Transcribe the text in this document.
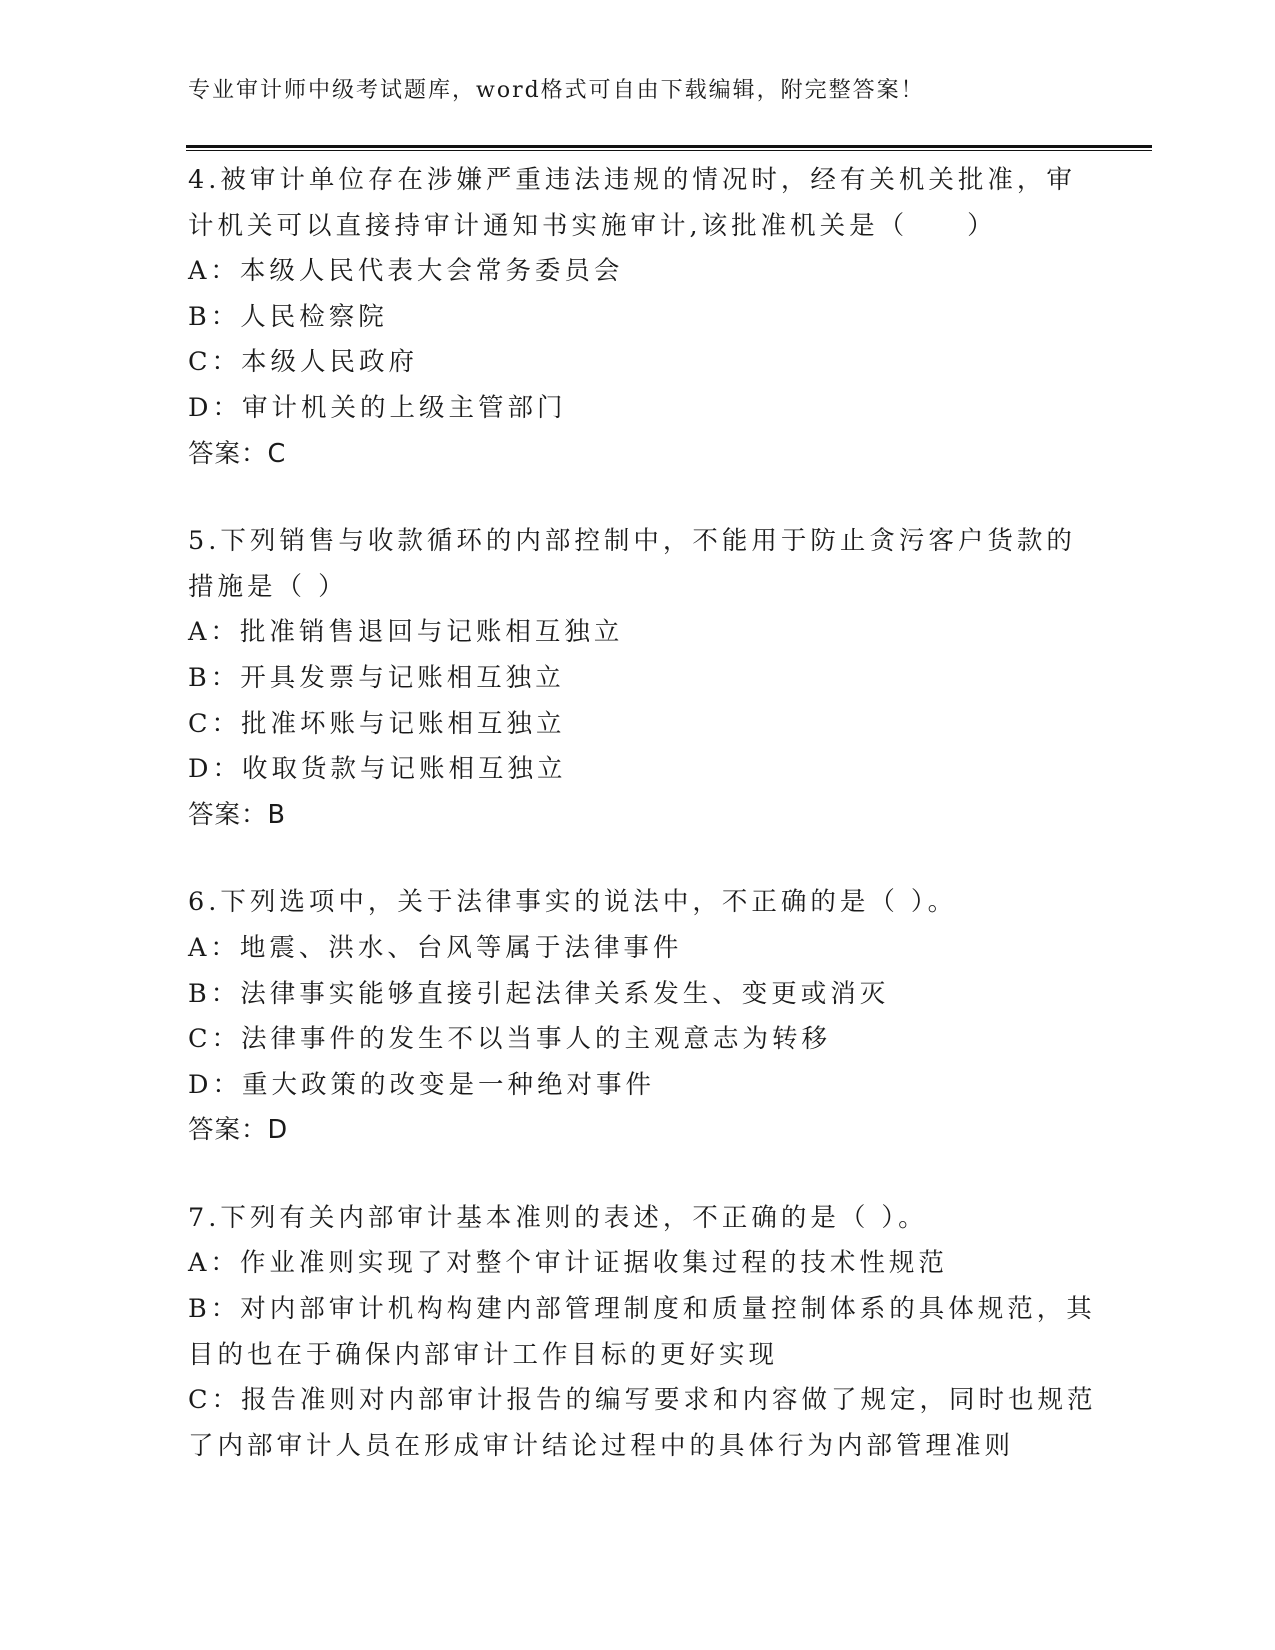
专业审计师中级考试题库，word格式可自由下载编辑，附完整答案！
4.被审计单位存在涉嫌严重违法违规的情况时，经有关机关批准，审
计机关可以直接持审计通知书实施审计,该批准机关是（　　）
A：本级人民代表大会常务委员会
B：人民检察院
C：本级人民政府
D：审计机关的上级主管部门
答案：C
5.下列销售与收款循环的内部控制中，不能用于防止贪污客户货款的
措施是（ ）
A：批准销售退回与记账相互独立
B：开具发票与记账相互独立
C：批准坏账与记账相互独立
D：收取货款与记账相互独立
答案：B
6.下列选项中，关于法律事实的说法中，不正确的是（ ）。
A：地震、洪水、台风等属于法律事件
B：法律事实能够直接引起法律关系发生、变更或消灭
C：法律事件的发生不以当事人的主观意志为转移
D：重大政策的改变是一种绝对事件
答案：D
7.下列有关内部审计基本准则的表述，不正确的是（ ）。
A：作业准则实现了对整个审计证据收集过程的技术性规范
B：对内部审计机构构建内部管理制度和质量控制体系的具体规范，其
目的也在于确保内部审计工作目标的更好实现
C：报告准则对内部审计报告的编写要求和内容做了规定，同时也规范
了内部审计人员在形成审计结论过程中的具体行为内部管理准则
